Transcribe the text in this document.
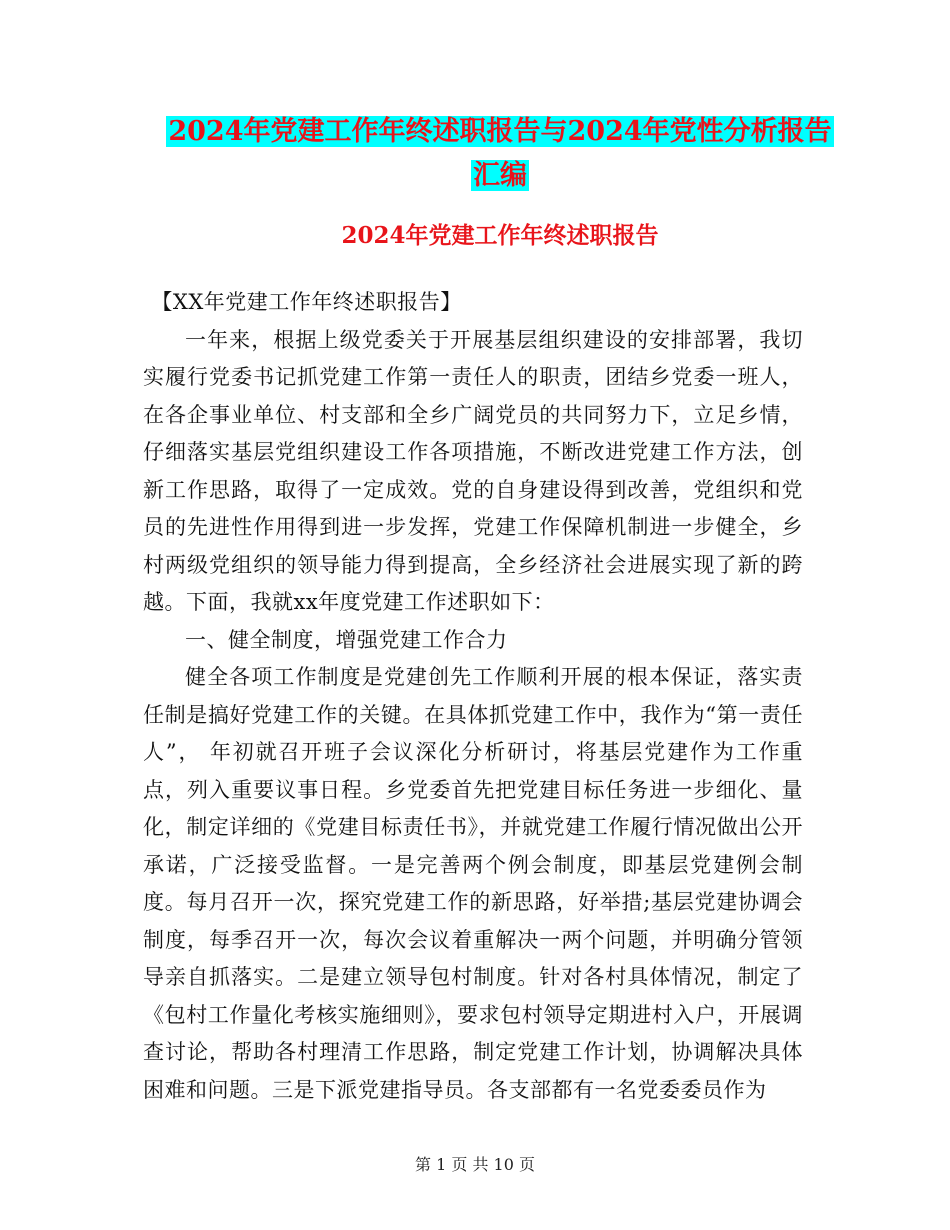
2024年党建工作年终述职报告与2024年党性分析报告
汇编
2024年党建工作年终述职报告

【XX年党建工作年终述职报告】

一年来，根据上级党委关于开展基层组织建设的安排部署，我切实履行党委书记抓党建工作第一责任人的职责，团结乡党委一班人，在各企事业单位、村支部和全乡广阔党员的共同努力下，立足乡情，仔细落实基层党组织建设工作各项措施，不断改进党建工作方法，创新工作思路，取得了一定成效。党的自身建设得到改善，党组织和党员的先进性作用得到进一步发挥，党建工作保障机制进一步健全，乡村两级党组织的领导能力得到提高，全乡经济社会进展实现了新的跨越。下面，我就xx年度党建工作述职如下：

一、健全制度，增强党建工作合力

健全各项工作制度是党建创先工作顺利开展的根本保证，落实责任制是搞好党建工作的关键。在具体抓党建工作中，我作为“第一责任人”， 年初就召开班子会议深化分析研讨，将基层党建作为工作重点，列入重要议事日程。乡党委首先把党建目标任务进一步细化、量化，制定详细的《党建目标责任书》，并就党建工作履行情况做出公开承诺，广泛接受监督。一是完善两个例会制度，即基层党建例会制度。每月召开一次，探究党建工作的新思路，好举措;基层党建协调会制度，每季召开一次，每次会议着重解决一两个问题，并明确分管领导亲自抓落实。二是建立领导包村制度。针对各村具体情况，制定了《包村工作量化考核实施细则》，要求包村领导定期进村入户，开展调查讨论，帮助各村理清工作思路，制定党建工作计划，协调解决具体困难和问题。三是下派党建指导员。各支部都有一名党委委员作为

第 1 页 共 10 页
